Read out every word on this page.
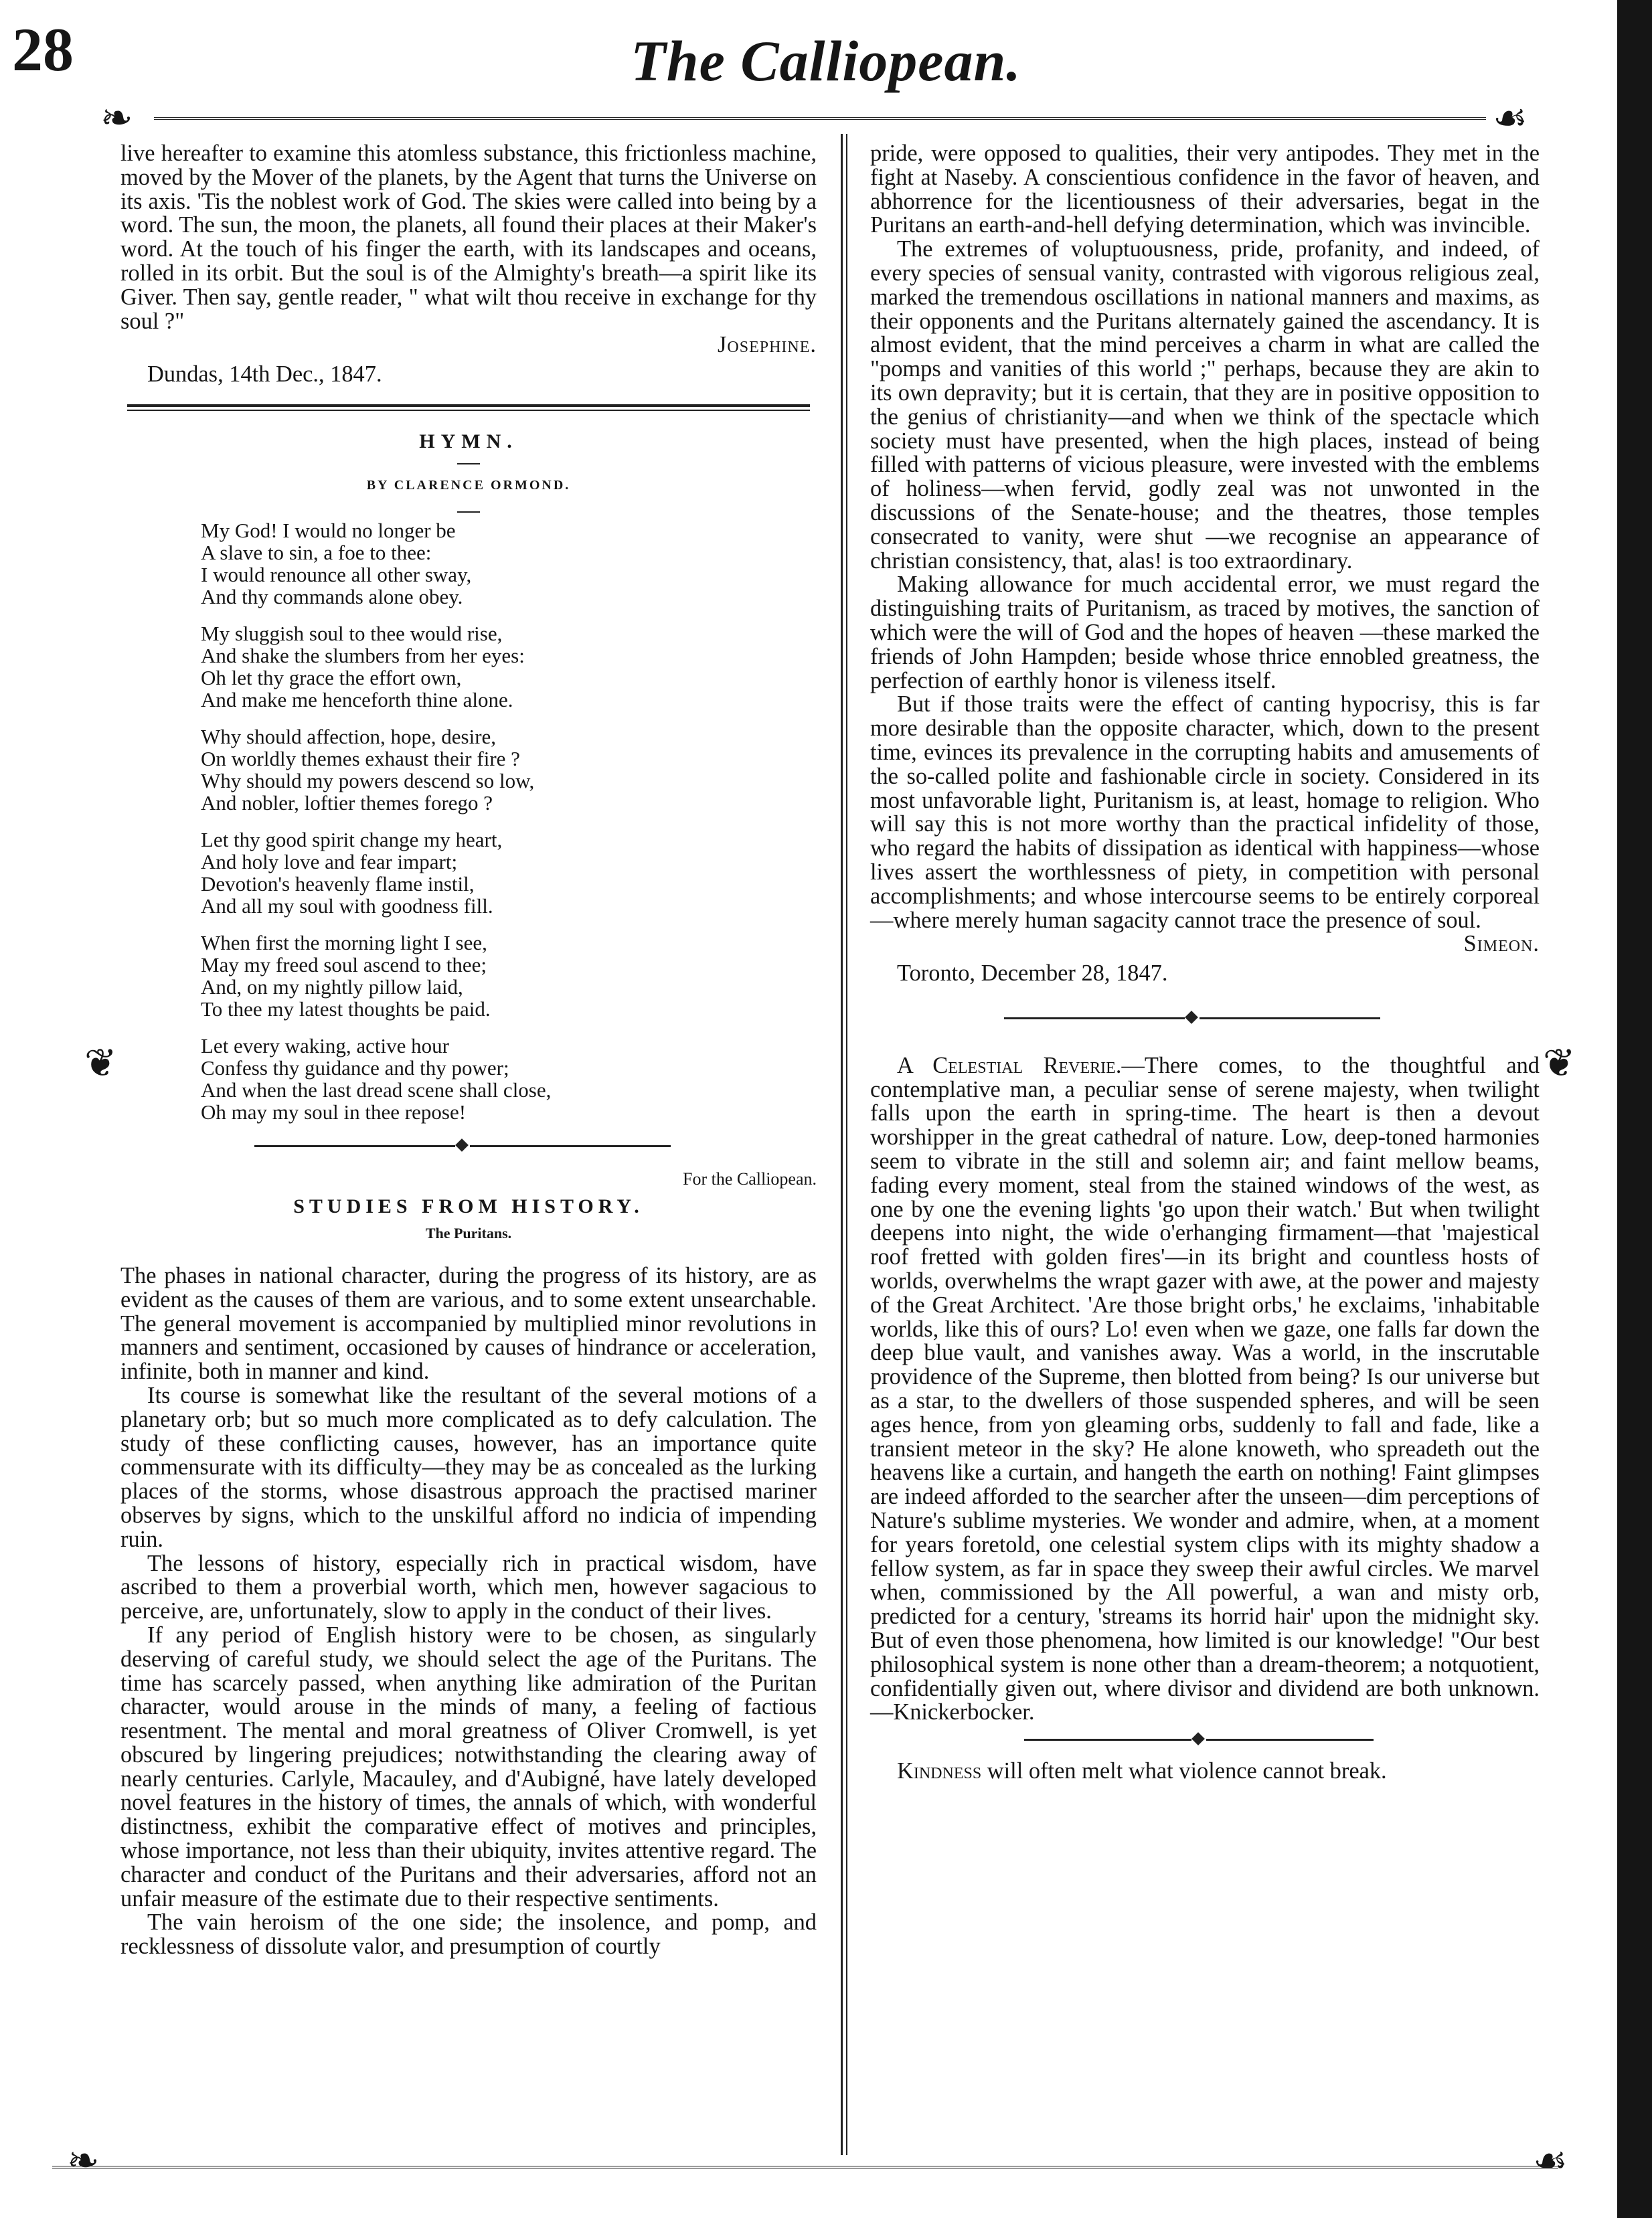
28	The Calliopean.
❧	☙
❦	❦
❧	☙

live hereafter to examine this atomless substance, this frictionless machine, moved by the Mover of the planets, by the Agent that turns the Universe on its axis. 'Tis the noblest work of God. The skies were called into being by a word. The sun, the moon, the planets, all found their places at their Maker's word. At the touch of his finger the earth, with its landscapes and oceans, rolled in its orbit. But the soul is of the Almighty's breath—a spirit like its Giver. Then say, gentle reader, " what wilt thou receive in exchange for thy soul ?"

Josephine.

Dundas, 14th Dec., 1847.

HYMN.

BY CLARENCE ORMOND.

My God! I would no longer be
A slave to sin, a foe to thee:
I would renounce all other sway,
And thy commands alone obey.

My sluggish soul to thee would rise,
And shake the slumbers from her eyes:
Oh let thy grace the effort own,
And make me henceforth thine alone.

Why should affection, hope, desire,
On worldly themes exhaust their fire ?
Why should my powers descend so low,
And nobler, loftier themes forego ?

Let thy good spirit change my heart,
And holy love and fear impart;
Devotion's heavenly flame instil,
And all my soul with goodness fill.

When first the morning light I see,
May my freed soul ascend to thee;
And, on my nightly pillow laid,
To thee my latest thoughts be paid.

Let every waking, active hour
Confess thy guidance and thy power;
And when the last dread scene shall close,
Oh may my soul in thee repose!

For the Calliopean.

STUDIES FROM HISTORY.

The Puritans.

The phases in national character, during the progress of its history, are as evident as the causes of them are various, and to some extent unsearchable. The general movement is accompanied by multiplied minor revolutions in manners and sentiment, occasioned by causes of hindrance or acceleration, infinite, both in manner and kind.

Its course is somewhat like the resultant of the several motions of a planetary orb; but so much more complicated as to defy calculation. The study of these conflicting causes, however, has an importance quite commensurate with its difficulty—they may be as concealed as the lurking places of the storms, whose disastrous approach the practised mariner observes by signs, which to the unskilful afford no indicia of impending ruin.

The lessons of history, especially rich in practical wisdom, have ascribed to them a proverbial worth, which men, however sagacious to perceive, are, unfortunately, slow to apply in the conduct of their lives.

If any period of English history were to be chosen, as singularly deserving of careful study, we should select the age of the Puritans. The time has scarcely passed, when anything like admiration of the Puritan character, would arouse in the minds of many, a feeling of factious resentment. The mental and moral greatness of Oliver Cromwell, is yet obscured by lingering prejudices; notwithstanding the clearing away of nearly centuries. Carlyle, Macauley, and d'Aubigné, have lately developed novel features in the history of times, the annals of which, with wonderful distinctness, exhibit the comparative effect of motives and principles, whose importance, not less than their ubiquity, invites attentive regard. The character and conduct of the Puritans and their adversaries, afford not an unfair measure of the estimate due to their respective sentiments.

The vain heroism of the one side; the insolence, and pomp, and recklessness of dissolute valor, and presumption of courtly

pride, were opposed to qualities, their very antipodes. They met in the fight at Naseby. A conscientious confidence in the favor of heaven, and abhorrence for the licentiousness of their adversaries, begat in the Puritans an earth-and-hell defying determination, which was invincible.

The extremes of voluptuousness, pride, profanity, and indeed, of every species of sensual vanity, contrasted with vigorous religious zeal, marked the tremendous oscillations in national manners and maxims, as their opponents and the Puritans alternately gained the ascendancy. It is almost evident, that the mind perceives a charm in what are called the "pomps and vanities of this world ;" perhaps, because they are akin to its own depravity; but it is certain, that they are in positive opposition to the genius of christianity—and when we think of the spectacle which society must have presented, when the high places, instead of being filled with patterns of vicious pleasure, were invested with the emblems of holiness—when fervid, godly zeal was not unwonted in the discussions of the Senate-house; and the theatres, those temples consecrated to vanity, were shut —we recognise an appearance of christian consistency, that, alas! is too extraordinary.

Making allowance for much accidental error, we must regard the distinguishing traits of Puritanism, as traced by motives, the sanction of which were the will of God and the hopes of heaven —these marked the friends of John Hampden; beside whose thrice ennobled greatness, the perfection of earthly honor is vileness itself.

But if those traits were the effect of canting hypocrisy, this is far more desirable than the opposite character, which, down to the present time, evinces its prevalence in the corrupting habits and amusements of the so-called polite and fashionable circle in society. Considered in its most unfavorable light, Puritanism is, at least, homage to religion. Who will say this is not more worthy than the practical infidelity of those, who regard the habits of dissipation as identical with happiness—whose lives assert the worthlessness of piety, in competition with personal accomplishments; and whose intercourse seems to be entirely corporeal—where merely human sagacity cannot trace the presence of soul.

Simeon.

Toronto, December 28, 1847.

A Celestial Reverie.—There comes, to the thoughtful and contemplative man, a peculiar sense of serene majesty, when twilight falls upon the earth in spring-time. The heart is then a devout worshipper in the great cathedral of nature. Low, deep-toned harmonies seem to vibrate in the still and solemn air; and faint mellow beams, fading every moment, steal from the stained windows of the west, as one by one the evening lights 'go upon their watch.' But when twilight deepens into night, the wide o'erhanging firmament—that 'majestical roof fretted with golden fires'—in its bright and countless hosts of worlds, overwhelms the wrapt gazer with awe, at the power and majesty of the Great Architect. 'Are those bright orbs,' he exclaims, 'inhabitable worlds, like this of ours? Lo! even when we gaze, one falls far down the deep blue vault, and vanishes away. Was a world, in the inscrutable providence of the Supreme, then blotted from being? Is our universe but as a star, to the dwellers of those suspended spheres, and will be seen ages hence, from yon gleaming orbs, suddenly to fall and fade, like a transient meteor in the sky? He alone knoweth, who spreadeth out the heavens like a curtain, and hangeth the earth on nothing! Faint glimpses are indeed afforded to the searcher after the unseen—dim perceptions of Nature's sublime mysteries. We wonder and admire, when, at a moment for years foretold, one celestial system clips with its mighty shadow a fellow system, as far in space they sweep their awful circles. We marvel when, commissioned by the All powerful, a wan and misty orb, predicted for a century, 'streams its horrid hair' upon the midnight sky. But of even those phenomena, how limited is our knowledge! "Our best philosophical system is none other than a dream-theorem; a notquotient, confidentially given out, where divisor and dividend are both unknown.—Knickerbocker.

Kindness will often melt what violence cannot break.
